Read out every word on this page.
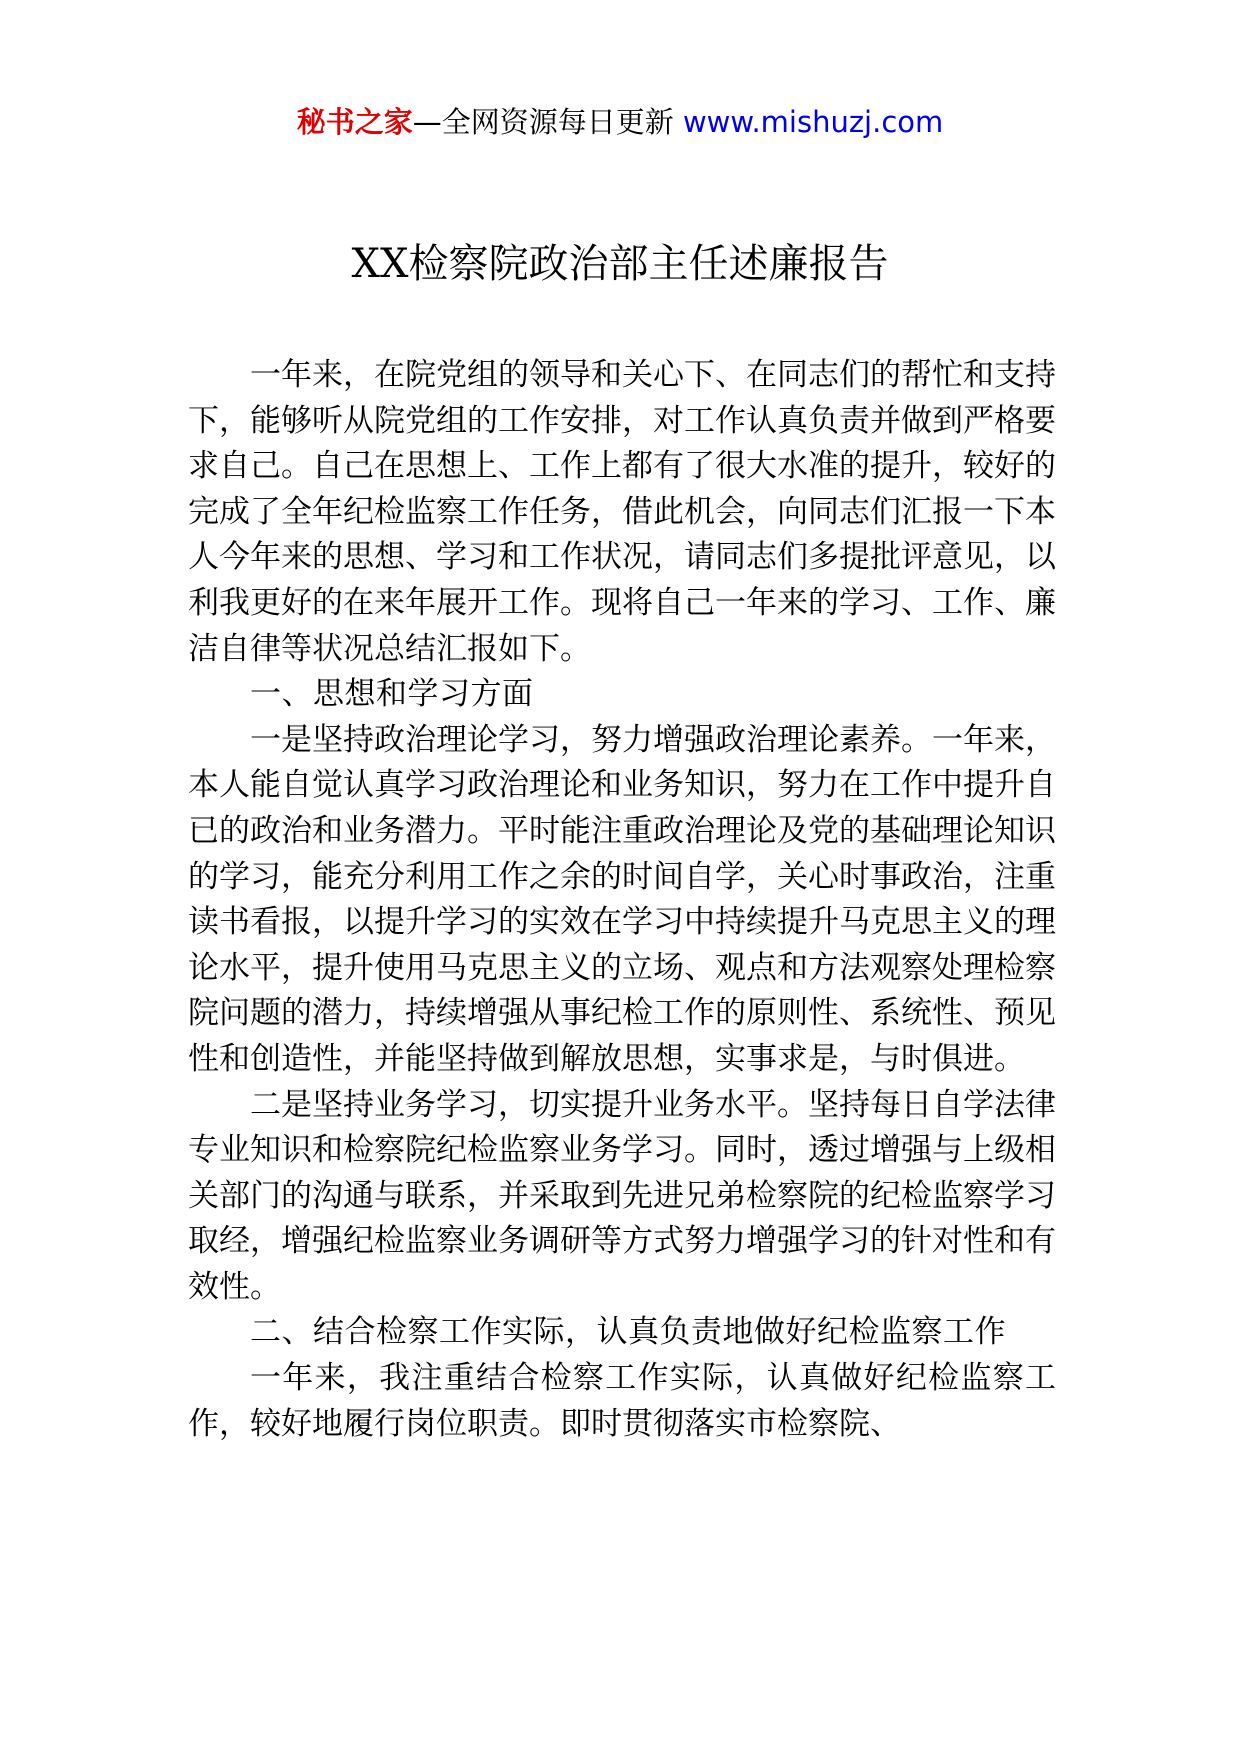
秘书之家—全网资源每日更新 www.mishuzj.com
XX检察院政治部主任述廉报告

一年来，在院党组的领导和关心下、在同志们的帮忙和支持下，能够听从院党组的工作安排，对工作认真负责并做到严格要求自己。自己在思想上、工作上都有了很大水准的提升，较好的完成了全年纪检监察工作任务，借此机会，向同志们汇报一下本人今年来的思想、学习和工作状况，请同志们多提批评意见，以利我更好的在来年展开工作。现将自己一年来的学习、工作、廉洁自律等状况总结汇报如下。

一、思想和学习方面

一是坚持政治理论学习，努力增强政治理论素养。一年来，本人能自觉认真学习政治理论和业务知识，努力在工作中提升自已的政治和业务潜力。平时能注重政治理论及党的基础理论知识的学习，能充分利用工作之余的时间自学，关心时事政治，注重读书看报，以提升学习的实效在学习中持续提升马克思主义的理论水平，提升使用马克思主义的立场、观点和方法观察处理检察院问题的潜力，持续增强从事纪检工作的原则性、系统性、预见性和创造性，并能坚持做到解放思想，实事求是，与时俱进。

二是坚持业务学习，切实提升业务水平。坚持每日自学法律专业知识和检察院纪检监察业务学习。同时，透过增强与上级相关部门的沟通与联系，并采取到先进兄弟检察院的纪检监察学习取经，增强纪检监察业务调研等方式努力增强学习的针对性和有效性。

二、结合检察工作实际，认真负责地做好纪检监察工作

一年来，我注重结合检察工作实际，认真做好纪检监察工作，较好地履行岗位职责。即时贯彻落实市检察院、
